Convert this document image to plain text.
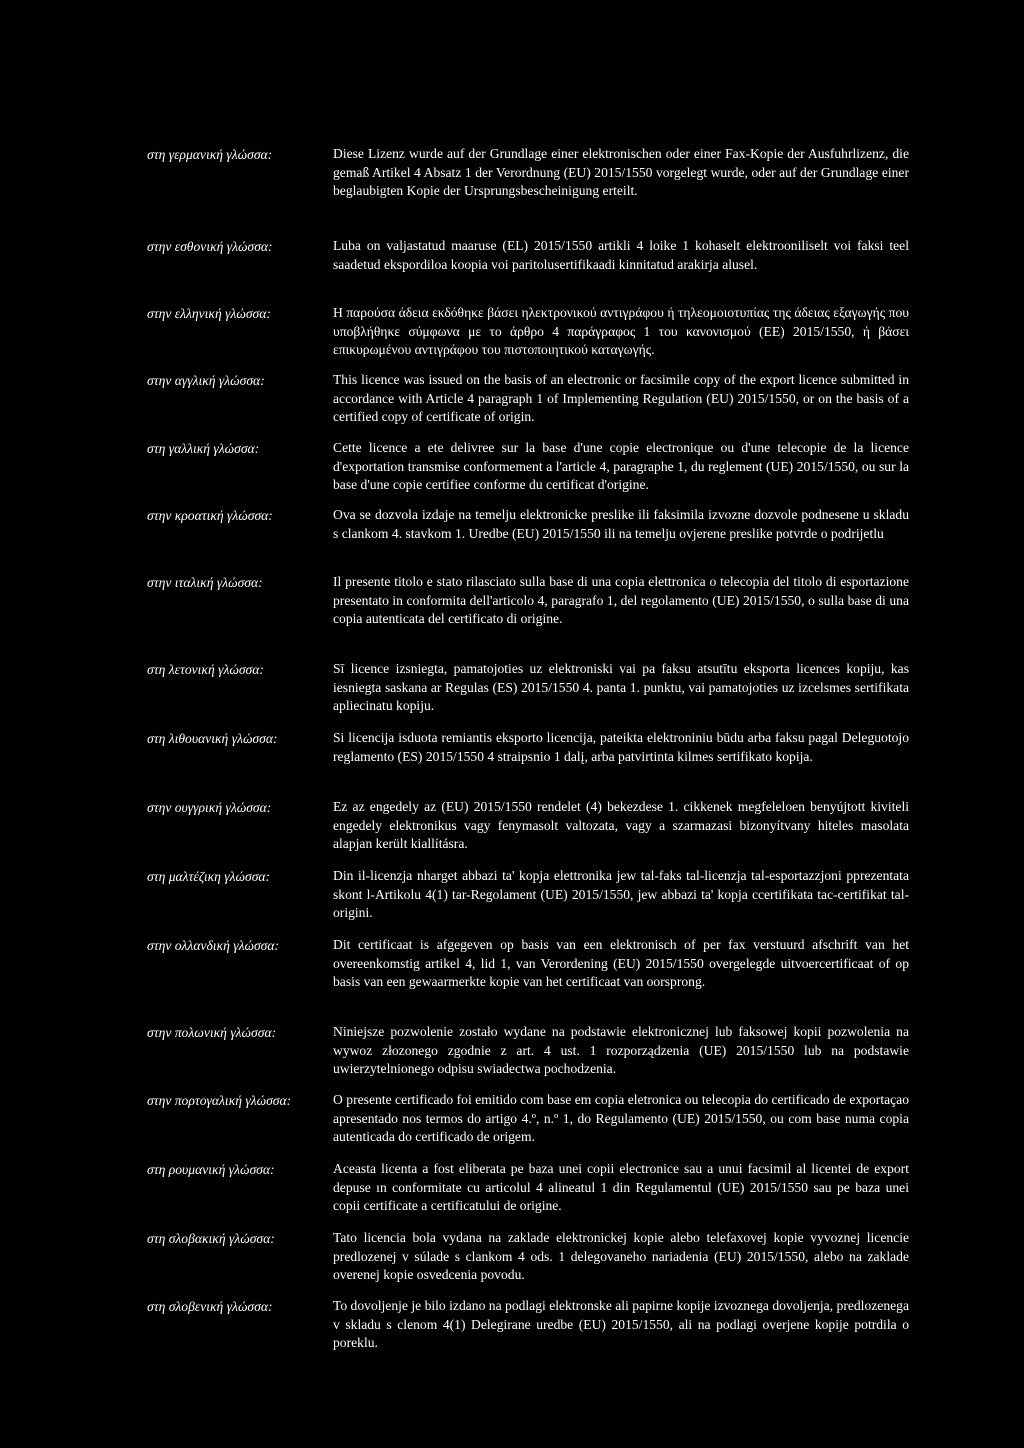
στη γερμανική γλώσσα:	Diese Lizenz wurde auf der Grundlage einer elektronischen oder einer Fax-Kopie der Ausfuhrlizenz, die gemaß Artikel 4 Absatz 1 der Verordnung (EU) 2015/1550 vorgelegt wurde, oder auf der Grundlage einer beglaubigten Kopie der Ursprungsbescheinigung erteilt.

στην εσθονική γλώσσα:	Luba on valjastatud maaruse (EL) 2015/1550 artikli 4 loike 1 kohaselt elektrooniliselt voi faksi teel saadetud ekspordiloa koopia voi paritolusertifikaadi kinnitatud arakirja alusel.

στην ελληνική γλώσσα:	Η παρούσα άδεια εκδόθηκε βάσει ηλεκτρονικού αντιγράφου ή τηλεομοιοτυπίας της άδειας εξαγωγής που υποβλήθηκε σύμφωνα με το άρθρο 4 παράγραφος 1 του κανονισμού (ΕΕ) 2015/1550, ή βάσει επικυρωμένου αντιγράφου του πιστοποιητικού καταγωγής.

στην αγγλική γλώσσα:	This licence was issued on the basis of an electronic or facsimile copy of the export licence submitted in accordance with Article 4 paragraph 1 of Implementing Regulation (EU) 2015/1550, or on the basis of a certified copy of certificate of origin.

στη γαλλική γλώσσα:	Cette licence a ete delivree sur la base d'une copie electronique ou d'une telecopie de la licence d'exportation transmise conformement a l'article 4, paragraphe 1, du reglement (UE) 2015/1550, ou sur la base d'une copie certifiee conforme du certificat d'origine.

στην κροατική γλώσσα:	Ova se dozvola izdaje na temelju elektronicke preslike ili faksimila izvozne dozvole podnesene u skladu s clankom 4. stavkom 1. Uredbe (EU) 2015/1550 ili na temelju ovjerene preslike potvrde o podrijetlu

στην ιταλική γλώσσα:	Il presente titolo e stato rilasciato sulla base di una copia elettronica o telecopia del titolo di esportazione presentato in conformita dell'articolo 4, paragrafo 1, del regolamento (UE) 2015/1550, o sulla base di una copia autenticata del certificato di origine.

στη λετονική γλώσσα:	Sī licence izsniegta, pamatojoties uz elektroniski vai pa faksu atsutītu eksporta licences kopiju, kas iesniegta saskana ar Regulas (ES) 2015/1550 4. panta 1. punktu, vai pamatojoties uz izcelsmes sertifikata apliecinatu kopiju.

στη λιθουανική γλώσσα:	Si licencija isduota remiantis eksporto licencija, pateikta elektroniniu būdu arba faksu pagal Deleguotojo reglamento (ES) 2015/1550 4 straipsnio 1 dalį, arba patvirtinta kilmes sertifikato kopija.

στην ουγγρική γλώσσα:	Ez az engedely az (EU) 2015/1550 rendelet (4) bekezdese 1. cikkenek megfeleloen benyújtott kiviteli engedely elektronikus vagy fenymasolt valtozata, vagy a szarmazasi bizonyítvany hiteles masolata alapjan került kiallításra.

στη μαλτέζικη γλώσσα:	Din il-licenzja nharget abbazi ta' kopja elettronika jew tal-faks tal-licenzja tal-esportazzjoni pprezentata skont l-Artikolu 4(1) tar-Regolament (UE) 2015/1550, jew abbazi ta' kopja ccertifikata tac-certifikat tal-origini.

στην ολλανδική γλώσσα:	Dit certificaat is afgegeven op basis van een elektronisch of per fax verstuurd afschrift van het overeenkomstig artikel 4, lid 1, van Verordening (EU) 2015/1550 overgelegde uitvoercertificaat of op basis van een gewaarmerkte kopie van het certificaat van oorsprong.

στην πολωνική γλώσσα:	Niniejsze pozwolenie zostało wydane na podstawie elektronicznej lub faksowej kopii pozwolenia na wywoz złozonego zgodnie z art. 4 ust. 1 rozporządzenia (UE) 2015/1550 lub na podstawie uwierzytelnionego odpisu swiadectwa pochodzenia.

στην πορτογαλική γλώσσα:	O presente certificado foi emitido com base em copia eletronica ou telecopia do certificado de exportaçao apresentado nos termos do artigo 4.º, n.º 1, do Regulamento (UE) 2015/1550, ou com base numa copia autenticada do certificado de origem.

στη ρουμανική γλώσσα:	Aceasta licenta a fost eliberata pe baza unei copii electronice sau a unui facsimil al licentei de export depuse ın conformitate cu articolul 4 alineatul 1 din Regulamentul (UE) 2015/1550 sau pe baza unei copii certificate a certificatului de origine.

στη σλοβακική γλώσσα:	Tato licencia bola vydana na zaklade elektronickej kopie alebo telefaxovej kopie vyvoznej licencie predlozenej v súlade s clankom 4 ods. 1 delegovaneho nariadenia (EU) 2015/1550, alebo na zaklade overenej kopie osvedcenia povodu.

στη σλοβενική γλώσσα:	To dovoljenje je bilo izdano na podlagi elektronske ali papirne kopije izvoznega dovoljenja, predlozenega v skladu s clenom 4(1) Delegirane uredbe (EU) 2015/1550, ali na podlagi overjene kopije potrdila o poreklu.
